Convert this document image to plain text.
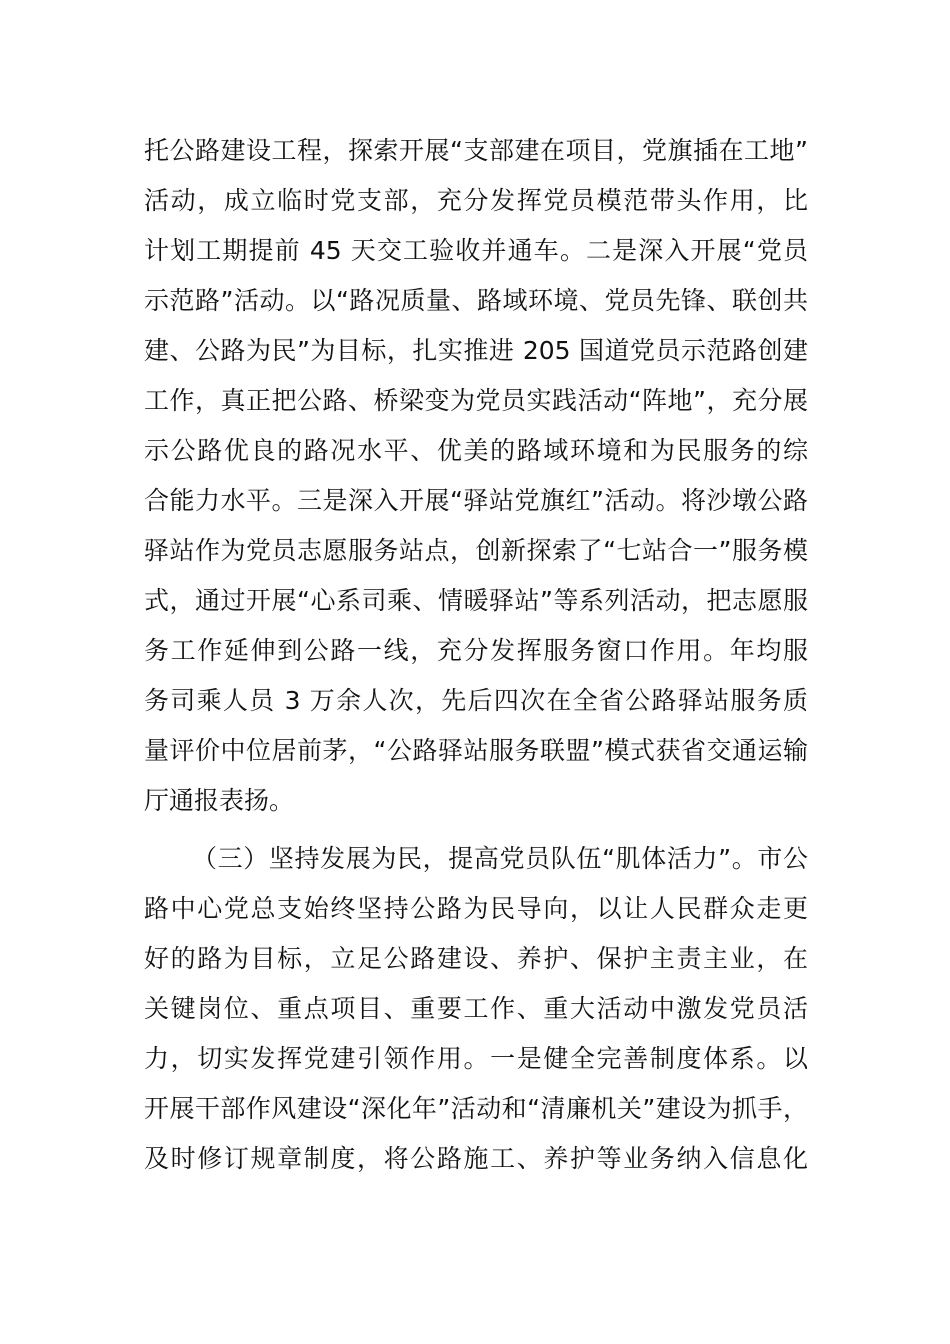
托公路建设工程，探索开展“支部建在项目，党旗插在工地”
活动，成立临时党支部，充分发挥党员模范带头作用，比
计划工期提前 45 天交工验收并通车。二是深入开展“党员
示范路”活动。以“路况质量、路域环境、党员先锋、联创共
建、公路为民”为目标，扎实推进 205 国道党员示范路创建
工作，真正把公路、桥梁变为党员实践活动“阵地”，充分展
示公路优良的路况水平、优美的路域环境和为民服务的综
合能力水平。三是深入开展“驿站党旗红”活动。将沙墩公路
驿站作为党员志愿服务站点，创新探索了“七站合一”服务模
式，通过开展“心系司乘、情暖驿站”等系列活动，把志愿服
务工作延伸到公路一线，充分发挥服务窗口作用。年均服
务司乘人员 3 万余人次，先后四次在全省公路驿站服务质
量评价中位居前茅，“公路驿站服务联盟”模式获省交通运输
厅通报表扬。
（三）坚持发展为民，提高党员队伍“肌体活力”。市公
路中心党总支始终坚持公路为民导向，以让人民群众走更
好的路为目标，立足公路建设、养护、保护主责主业，在
关键岗位、重点项目、重要工作、重大活动中激发党员活
力，切实发挥党建引领作用。一是健全完善制度体系。以
开展干部作风建设“深化年”活动和“清廉机关”建设为抓手，
及时修订规章制度，将公路施工、养护等业务纳入信息化
